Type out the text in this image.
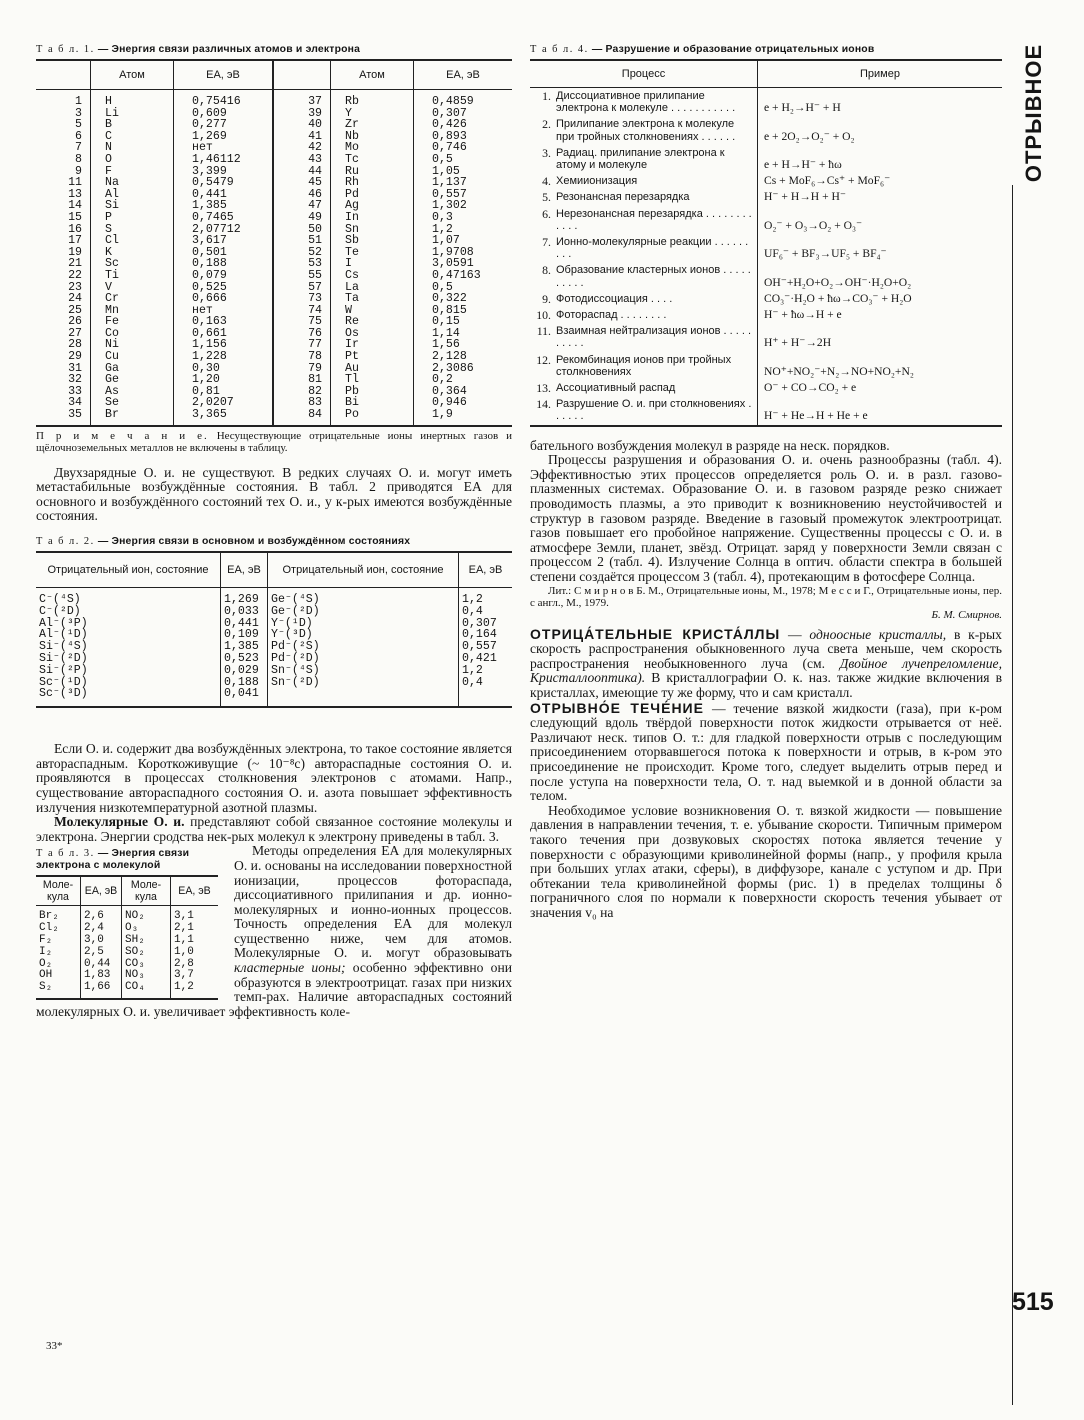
Т а б л. 1. — Энергия связи различных атомов и электрона
	Атом	EA, эВ		Атом	EA, эВ
1	H	0,75416	37	Rb	0,4859
3	Li	0,609	39	Y	0,307
5	B	0,277	40	Zr	0,426
6	C	1,269	41	Nb	0,893
7	N	нет	42	Mo	0,746
8	O	1,46112	43	Tc	0,5
9	F	3,399	44	Ru	1,05
11	Na	0,5479	45	Rh	1,137
13	Al	0,441	46	Pd	0,557
14	Si	1,385	47	Ag	1,302
15	P	0,7465	49	In	0,3
16	S	2,07712	50	Sn	1,2
17	Cl	3,617	51	Sb	1,07
19	K	0,501	52	Te	1,9708
21	Sc	0,188	53	I	3,0591
22	Ti	0,079	55	Cs	0,47163
23	V	0,525	57	La	0,5
24	Cr	0,666	73	Ta	0,322
25	Mn	нет	74	W	0,815
26	Fe	0,163	75	Re	0,15
27	Co	0,661	76	Os	1,14
28	Ni	1,156	77	Ir	1,56
29	Cu	1,228	78	Pt	2,128
31	Ga	0,30	79	Au	2,3086
32	Ge	1,20	81	Tl	0,2
33	As	0,81	82	Pb	0,364
34	Se	2,0207	83	Bi	0,946
35	Br	3,365	84	Po	1,9
П р и м е ч а н и е. Несуществующие отрицательные ионы инертных газов и щёлочноземельных металлов не включены в таблицу.

Двухзарядные О. и. не существуют. В редких случаях О. и. могут иметь метастабильные возбуждённые состояния. В табл. 2 приводятся EA для основного и возбуждённого состояний тех О. и., у к-рых имеются возбуждённые состояния.

Т а б л. 2. — Энергия связи в основном и возбуждённом состояниях
Отрицательный ион, состояние	EA, эВ	Отрицательный ион, состояние	EA, эВ
C⁻(⁴S)	1,269	Ge⁻(⁴S)	1,2
C⁻(²D)	0,033	Ge⁻(²D)	0,4
Al⁻(³P)	0,441	Y⁻(¹D)	0,307
Al⁻(¹D)	0,109	Y⁻(³D)	0,164
Si⁻(⁴S)	1,385	Pd⁻(²S)	0,557
Si⁻(²D)	0,523	Pd⁻(²D)	0,421
Si⁻(²P)	0,029	Sn⁻(⁴S)	1,2
Sc⁻(¹D)	0,188	Sn⁻(²D)	0,4
Sc⁻(³D)	0,041		

Если О. и. содержит два возбуждённых электрона, то такое состояние является автораспадным. Короткоживущие (~ 10⁻⁸с) автораспадные состояния О. и. проявляются в процессах столкновения электронов с атомами. Напр., существование автораспадного состояния О. и. азота повышает эффективность излучения низкотемпературной азотной плазмы.

Молекулярные О. и. представляют собой связанное состояние молекулы и электрона. Энергии сродства нек-рых молекул к электрону приведены в табл. 3.

Т а б л. 3. — Энергия связи электрона с молекулой
Моле-кула	EA, эВ	Моле-кула	EA, эВ
Br₂	2,6	NO₂	3,1
Cl₂	2,4	O₃	2,1
F₂	3,0	SH₂	1,1
I₂	2,5	SO₂	1,0
O₂	0,44	CO₃	2,8
OH	1,83	NO₃	3,7
S₂	1,66	CO₄	1,2

Методы определения EA для молекулярных О. и. основаны на исследовании поверхностной ионизации, процессов фотораспада, диссоциативного прилипания и др. ионно-молекулярных и ионно-ионных процессов. Точность определения EA для молекул существенно ниже, чем для атомов. Молекулярные О. и. могут образовывать кластерные ионы; особенно эффективно они образуются в электроотрицат. газах при низких темп-рах. Наличие автораспадных состояний молекулярных О. и. увеличивает эффективность коле-

Т а б л. 4. — Разрушение и образование отрицательных ионов
Процесс		Пример
1.	Диссоциативное прилипание электрона к молекуле . . . . . . . . . . .	e + H₂→H⁻ + H
2.	Прилипание электрона к молекуле при тройных столкновениях . . . . . .	e + 2O₂→O₂⁻ + O₂
3.	Радиац. прилипание электрона к атому и молекуле	e + H→H⁻ + ħω
4.	Хемиионизация	Cs + MoF₆→Cs⁺ + MoF₆⁻
5.	Резонансная перезарядка	H⁻ + H→H + H⁻
6.	Нерезонансная перезарядка . . . . . . . . . . . .	O₂⁻ + O₃→O₂ + O₃⁻
7.	Ионно-молекулярные реакции . . . . . . . . .	UF₆⁻ + BF₃→UF₅ + BF₄⁻
8.	Образование кластерных ионов . . . . . . . . . .	OH⁻+H₂O+O₂→OH⁻·H₂O+O₂
9.	Фотодиссоциация . . . .	CO₃⁻·H₂O + ħω→CO₃⁻ + H₂O
10.	Фотораспад . . . . . . . .	H⁻ + ħω→H + e
11.	Взаимная нейтрализация ионов . . . . . . . . . .	H⁺ + H⁻→2H
12.	Рекомбинация ионов при тройных столкновениях	NO⁺+NO₂⁻+N₂→NO+NO₂+N₂
13.	Ассоциативный распад	O⁻ + CO→CO₂ + e
14.	Разрушение О. и. при столкновениях . . . . . .	H⁻ + He→H + He + e

бательного возбуждения молекул в разряде на неск. порядков.

Процессы разрушения и образования О. и. очень разнообразны (табл. 4). Эффективностью этих процессов определяется роль О. и. в разл. газово-плазменных системах. Образование О. и. в газовом разряде резко снижает проводимость плазмы, а это приводит к возникновению неустойчивостей и структур в газовом разряде. Введение в газовый промежуток электроотрицат. газов повышает его пробойное напряжение. Существенны процессы с О. и. в атмосфере Земли, планет, звёзд. Отрицат. заряд у поверхности Земли связан с процессом 2 (табл. 4). Излучение Солнца в оптич. области спектра в большей степени создаётся процессом 3 (табл. 4), протекающим в фотосфере Солнца.

Лит.: С м и р н о в Б. М., Отрицательные ионы, М., 1978; М е с с и Г., Отрицательные ионы, пер. с англ., М., 1979.
Б. М. Смирнов.

ОТРИЦА́ТЕЛЬНЫЕ КРИСТА́ЛЛЫ — одноосные кристаллы, в к-рых скорость распространения обыкновенного луча света меньше, чем скорость распространения необыкновенного луча (см. Двойное лучепреломление, Кристаллооптика). В кристаллографии О. к. наз. также жидкие включения в кристаллах, имеющие ту же форму, что и сам кристалл.

ОТРЫВНО́Е ТЕЧЕ́НИЕ — течение вязкой жидкости (газа), при к-ром следующий вдоль твёрдой поверхности поток жидкости отрывается от неё. Различают неск. типов О. т.: для гладкой поверхности отрыв с последующим присоединением оторвавшегося потока к поверхности и отрыв, в к-ром это присоединение не происходит. Кроме того, следует выделить отрыв перед и после уступа на поверхности тела, О. т. над выемкой и в донной области за телом.

Необходимое условие возникновения О. т. вязкой жидкости — повышение давления в направлении течения, т. е. убывание скорости. Типичным примером такого течения при дозвуковых скоростях потока является течение у поверхности с образующими криволинейной формы (напр., у профиля крыла при больших углах атаки, сферы), в диффузоре, канале с уступом и др. При обтекании тела криволинейной формы (рис. 1) в пределах толщины δ пограничного слоя по нормали к поверхности скорость течения убывает от значения v₀ на

ОТРЫВНОЕ
515
33*
